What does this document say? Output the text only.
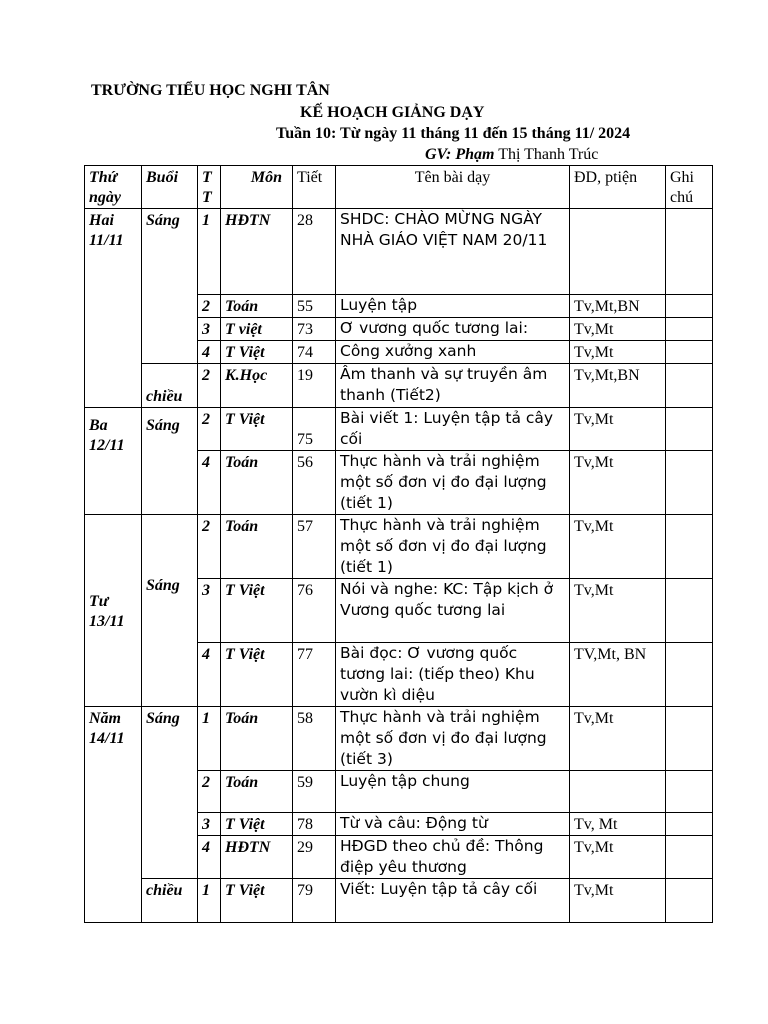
TRƯỜNG TIỂU HỌC NGHI TÂN
KẾ HOẠCH GIẢNG DẠY
Tuần 10: Từ ngày 11 tháng 11 đến 15 tháng 11/ 2024
GV: Phạm Thị Thanh Trúc
Thứ
ngày	Buổi	T
T	Môn	Tiết	Tên bài dạy	ĐD, ptiện	Ghi
chú
Hai
11/11	Sáng	1	HĐTN	28	SHDC: CHÀO MỪNG NGÀY NHÀ GIÁO VIỆT NAM 20/11		
		2	Toán	55	Luyện tập	Tv,Mt,BN	
		3	T việt	73	Ơ vương quốc tương lai:	Tv,Mt	
		4	T Việt	74	Công xưởng xanh	Tv,Mt	
	chiều	2	K.Học	19	Âm thanh và sự truyền âm thanh (Tiết2)	Tv,Mt,BN	
Ba
12/11	Sáng	2	T Việt	75	Bài viết 1: Luyện tập tả cây cối	Tv,Mt	
		4	Toán	56	Thực hành và trải nghiệm một số đơn vị đo đại lượng (tiết 1)	Tv,Mt	
Tư
13/11	Sáng	2	Toán	57	Thực hành và trải nghiệm một số đơn vị đo đại lượng (tiết 1)	Tv,Mt	
		3	T Việt	76	Nói và nghe: KC: Tập kịch ở Vương quốc tương lai	Tv,Mt	
		4	T Việt	77	Bài đọc: Ơ vương quốc tương lai: (tiếp theo) Khu vườn kì diệu	TV,Mt, BN	
Năm
14/11	Sáng	1	Toán	58	Thực hành và trải nghiệm một số đơn vị đo đại lượng (tiết 3)	Tv,Mt	
		2	Toán	59	Luyện tập chung		
		3	T Việt	78	Từ và câu: Động từ	Tv, Mt	
		4	HĐTN	29	HĐGD theo chủ đề: Thông điệp yêu thương	Tv,Mt	
	chiều	1	T Việt	79	Viết: Luyện tập tả cây cối	Tv,Mt	
